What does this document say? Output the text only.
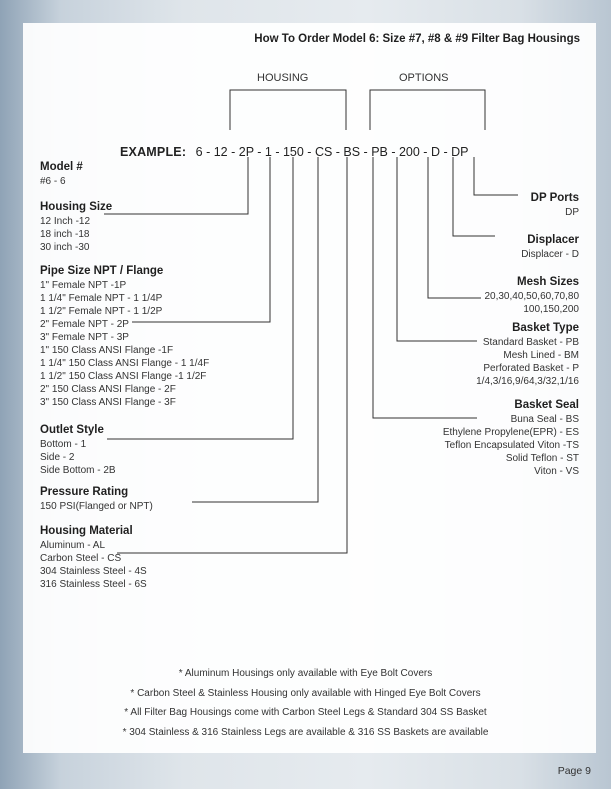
How To Order Model 6: Size #7, #8 & #9 Filter Bag Housings
HOUSING	OPTIONS
EXAMPLE: 6 - 12 - 2P - 1 - 150 - CS - BS - PB - 200 - D - DP
Model #
#6 - 6
Housing Size
12 Inch -12
18 inch -18
30 inch -30
Pipe Size NPT / Flange
1" Female NPT -1P
1 1/4" Female NPT - 1 1/4P
1 1/2" Female NPT - 1 1/2P
2" Female NPT - 2P
3" Female NPT - 3P
1" 150 Class ANSI Flange -1F
1 1/4" 150 Class ANSI Flange - 1 1/4F
1 1/2" 150 Class ANSI Flange -1 1/2F
2" 150 Class ANSI Flange - 2F
3" 150 Class ANSI Flange - 3F
Outlet Style
Bottom - 1
Side - 2
Side Bottom - 2B
Pressure Rating
150 PSI(Flanged or NPT)
Housing Material
Aluminum - AL
Carbon Steel - CS
304 Stainless Steel - 4S
316 Stainless Steel - 6S
DP Ports
DP
Displacer
Displacer - D
Mesh Sizes
20,30,40,50,60,70,80
100,150,200
Basket Type
Standard Basket - PB
Mesh Lined - BM
Perforated Basket - P
1/4,3/16,9/64,3/32,1/16
Basket Seal
Buna Seal - BS
Ethylene Propylene(EPR) - ES
Teflon Encapsulated Viton -TS
Solid Teflon - ST
Viton - VS
* Aluminum Housings only available with Eye Bolt Covers
* Carbon Steel & Stainless Housing only available with Hinged Eye Bolt Covers
* All Filter Bag Housings come with Carbon Steel Legs & Standard 304 SS Basket
* 304 Stainless & 316 Stainless Legs are available & 316 SS Baskets are available
Page 9
